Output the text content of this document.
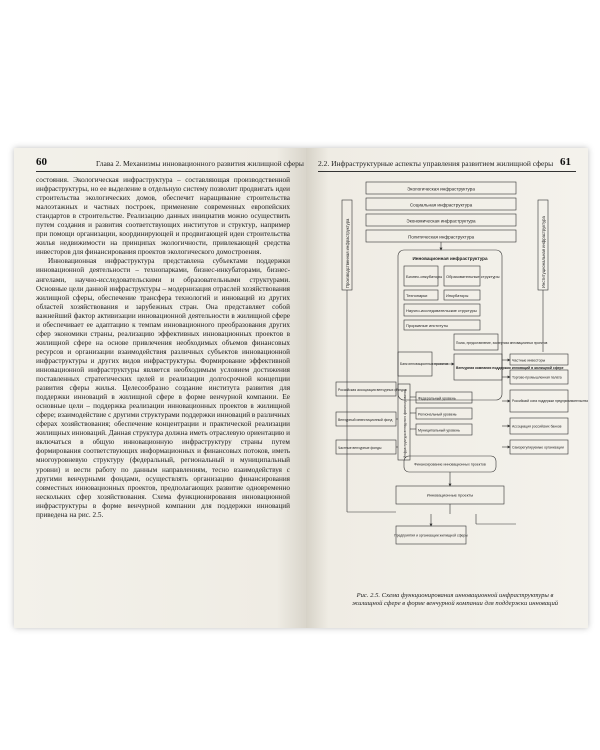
60	Глава 2. Механизмы инновационного развития жилищной сферы

состояния. Экологическая инфраструктура – составляющая производственной инфраструктуры, но ее выделение в отдельную систему позволит продвигать идеи строительства экологических домов, обеспечит наращивание строительства малоэтажных и частных построек, применение современных европейских стандартов в строительстве. Реализацию данных инициатив можно осуществить путем создания и развития соответствующих институтов и структур, например при помощи организации, координирующей и продвигающей идеи строительства жилья недвижимости на принципах экологичности, привлекающей средства инвесторов для финансирования проектов экологического домостроения.

Инновационная инфраструктура представлена субъектами поддержки инновационной деятельности – технопарками, бизнес-инкубаторами, бизнес-ангелами, научно-исследовательскими и образовательными структурами. Основные цели данной инфраструктуры – модернизация отраслей хозяйствования жилищной сферы, обеспечение трансфера технологий и инноваций из других областей хозяйствования и зарубежных стран. Она представляет собой важнейший фактор активизации инновационной деятельности в жилищной сфере и обеспечивает ее адаптацию к темпам инновационного преобразования других сфер экономики страны, реализацию эффективных инновационных проектов в жилищной сфере на основе привлечения необходимых объемов финансовых ресурсов и организации взаимодействия различных субъектов инновационной инфраструктуры и других видов инфраструктуры. Формирование эффективной инновационной инфраструктуры является необходимым условием достижения поставленных стратегических целей и реализации долгосрочной концепции развития сферы жилья. Целесообразно создание института развития для поддержки инноваций в жилищной сфере в форме венчурной компании. Ее основные цели – поддержка реализации инновационных проектов в жилищной сфере; взаимодействие с другими структурами поддержки инноваций в различных сферах хозяйствования; обеспечение концентрации и практической реализации жилищных инноваций. Данная структура должна иметь отраслевую ориентацию и включаться в общую инновационную инфраструктуру страны путем формирования соответствующих информационных и финансовых потоков, иметь многоуровневую структуру (федеральный, региональный и муниципальный уровни) и вести работу по данным направлениям, тесно взаимодействуя с другими венчурными фондами, осуществлять организацию финансирования совместных инновационных проектов, предполагающих развитие одновременно нескольких сфер хозяйствования. Схема функционирования инновационной инфраструктуры в форме венчурной компании для поддержки инноваций приведена на рис. 2.5.

2.2. Инфраструктурные аспекты управления развитием жилищной сферы 61
Экологическая инфраструктура
Социальная инфраструктура
Экономическая инфраструктура
Политическая инфраструктура
Производственная инфраструктура	Институциональная инфраструктура
Инновационная инфраструктура
Бизнес-инкубаторы Образовательные структуры
Технопарки	Инкубаторы
Научно-исследовательские структуры
Прорывные институты
Поиск, предоставление, экспертиза инновационных проектов
Венчурная компания поддержки инноваций в жилищной сфере
Банк инновационных проектов
Российская ассоциация венчурных фондов
Венчурный инвестиционный фонд
Частные венчурные фонды	Инфраструктура венчурного финансирования	Федеральный уровень
Региональный уровень
Муниципальный уровень
Частные инвесторы
Торгово-промышленная палата
Российский союз поддержки предпринимательства
Ассоциация российских банков
Саморегулируемые организации
Финансирование инновационных проектов
Инновационные проекты
Предприятия и организации жилищной сферы
Рис. 2.5. Схема функционирования инновационной инфраструктуры в жилищной сфере в форме венчурной компании для поддержки инноваций
